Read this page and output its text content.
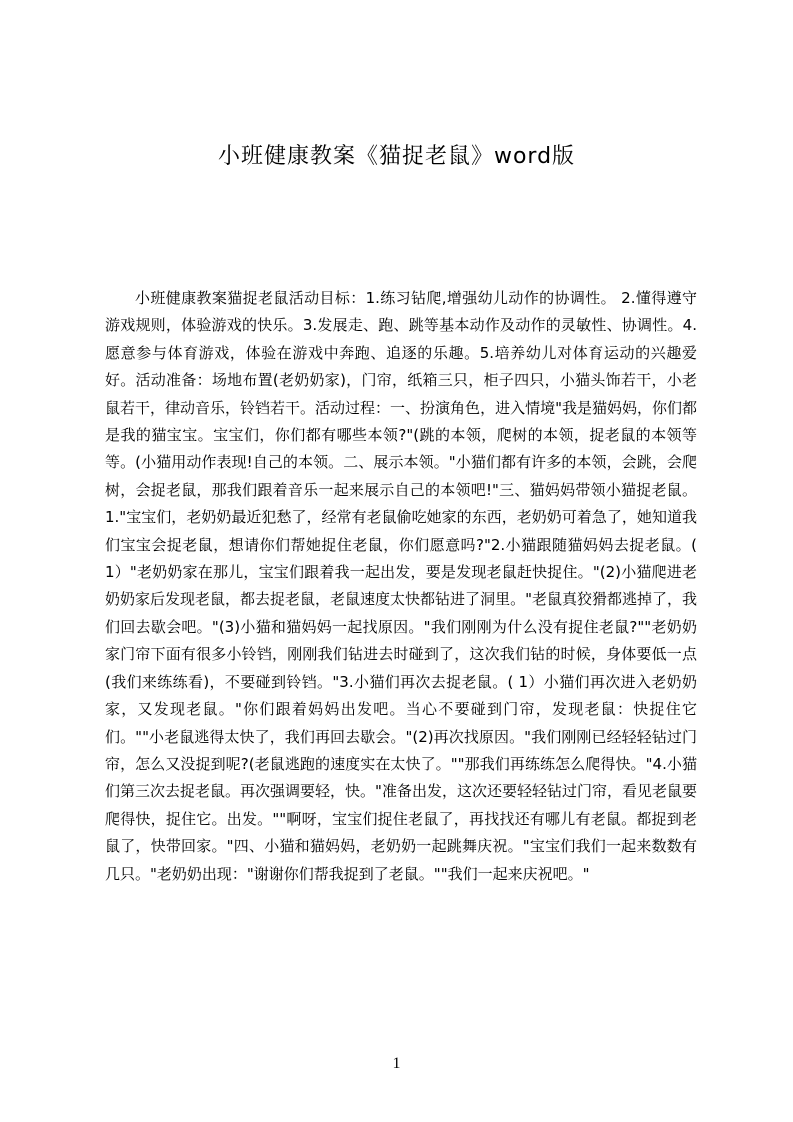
小班健康教案《猫捉老鼠》word版

小班健康教案猫捉老鼠活动目标：1.练习钻爬,增强幼儿动作的协调性。 2.懂得遵守游戏规则，体验游戏的快乐。3.发展走、跑、跳等基本动作及动作的灵敏性、协调性。4.愿意参与体育游戏，体验在游戏中奔跑、追逐的乐趣。5.培养幼儿对体育运动的兴趣爱好。活动准备：场地布置(老奶奶家)，门帘，纸箱三只，柜子四只，小猫头饰若干，小老鼠若干，律动音乐，铃铛若干。活动过程：一、扮演角色，进入情境"我是猫妈妈，你们都是我的猫宝宝。宝宝们，你们都有哪些本领?"(跳的本领，爬树的本领，捉老鼠的本领等等。(小猫用动作表现!自己的本领。二、展示本领。"小猫们都有许多的本领，会跳，会爬树，会捉老鼠，那我们跟着音乐一起来展示自己的本领吧!"三、猫妈妈带领小猫捉老鼠。1."宝宝们，老奶奶最近犯愁了，经常有老鼠偷吃她家的东西，老奶奶可着急了，她知道我们宝宝会捉老鼠，想请你们帮她捉住老鼠，你们愿意吗?"2.小猫跟随猫妈妈去捉老鼠。( 1）"老奶奶家在那儿，宝宝们跟着我一起出发，要是发现老鼠赶快捉住。"(2)小猫爬进老奶奶家后发现老鼠，都去捉老鼠，老鼠速度太快都钻进了洞里。"老鼠真狡猾都逃掉了，我们回去歇会吧。"(3)小猫和猫妈妈一起找原因。"我们刚刚为什么没有捉住老鼠?""老奶奶家门帘下面有很多小铃铛，刚刚我们钻进去时碰到了，这次我们钻的时候，身体要低一点(我们来练练看)，不要碰到铃铛。"3.小猫们再次去捉老鼠。( 1）小猫们再次进入老奶奶家，又发现老鼠。"你们跟着妈妈出发吧。当心不要碰到门帘，发现老鼠：快捉住它们。""小老鼠逃得太快了，我们再回去歇会。"(2)再次找原因。"我们刚刚已经轻轻钻过门帘，怎么又没捉到呢?(老鼠逃跑的速度实在太快了。""那我们再练练怎么爬得快。"4.小猫们第三次去捉老鼠。再次强调要轻，快。"准备出发，这次还要轻轻钻过门帘，看见老鼠要爬得快，捉住它。出发。""啊呀，宝宝们捉住老鼠了，再找找还有哪儿有老鼠。都捉到老鼠了，快带回家。"四、小猫和猫妈妈，老奶奶一起跳舞庆祝。"宝宝们我们一起来数数有几只。"老奶奶出现："谢谢你们帮我捉到了老鼠。""我们一起来庆祝吧。"

1
